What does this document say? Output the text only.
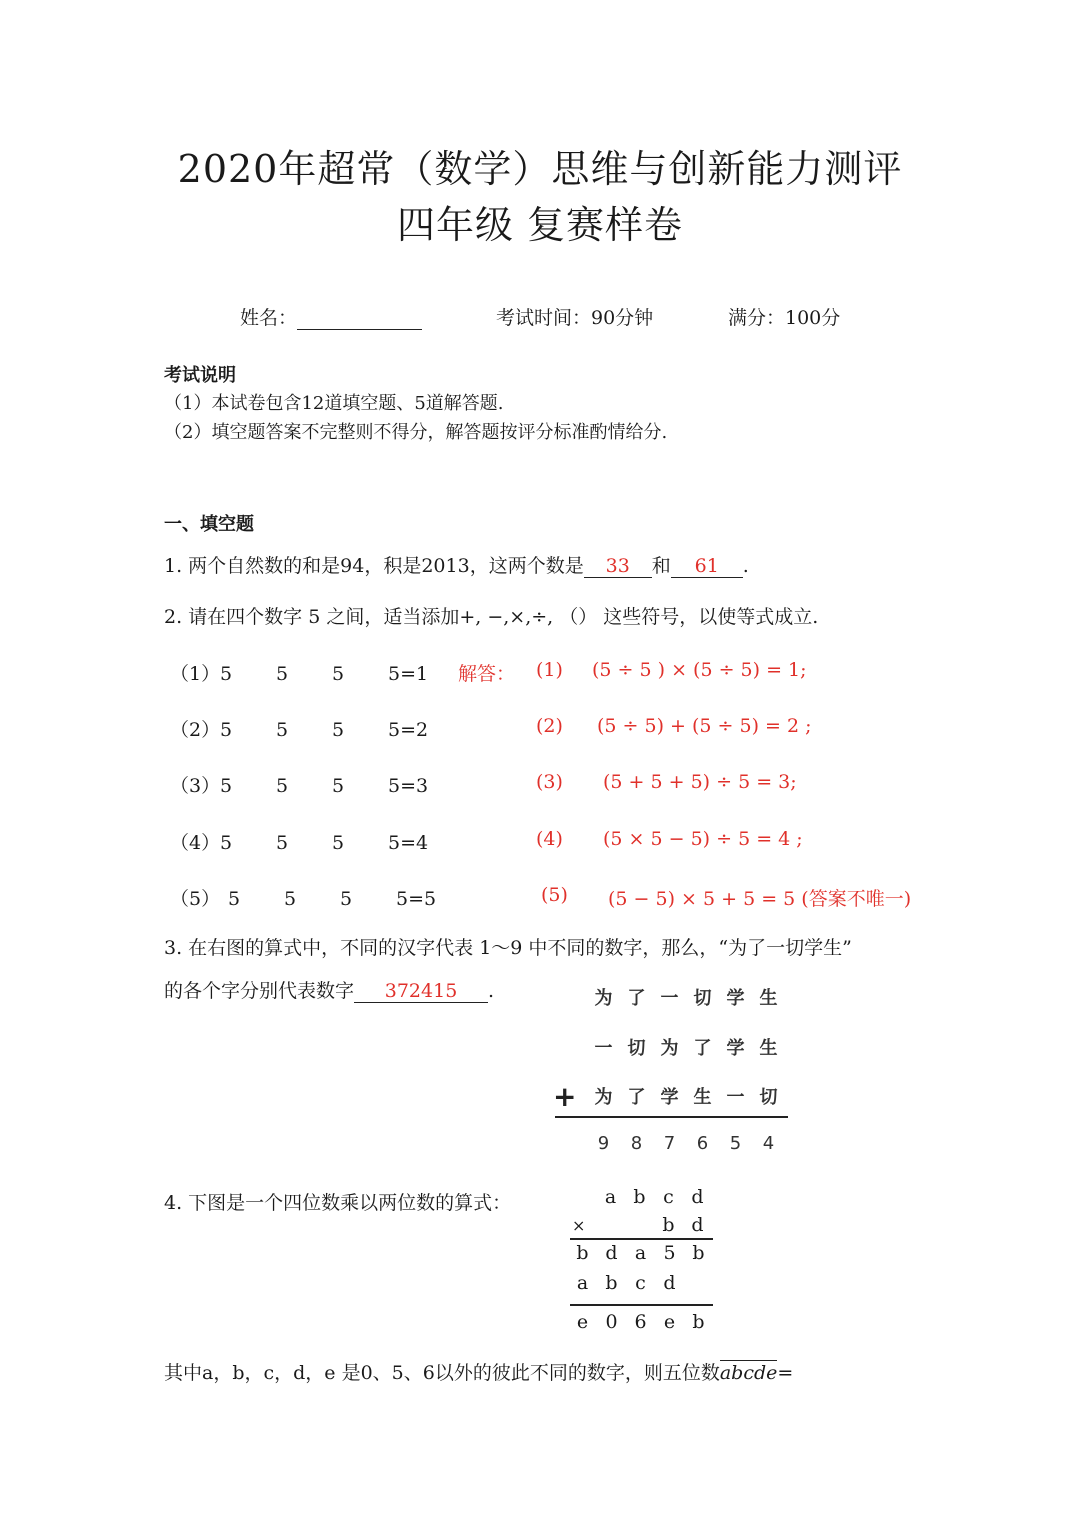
2020年超常（数学）思维与创新能力测评
四年级 复赛样卷
姓名：	考试时间：90分钟	满分：100分
考试说明
（1）本试卷包含12道填空题、5道解答题.
（2）填空题答案不完整则不得分，解答题按评分标准酌情给分.
一、填空题
1. 两个自然数的和是94，积是2013，这两个数是 33 和 61 .
2. 请在四个数字 5 之间，适当添加+, −,×,÷, （） 这些符号，以使等式成立.
（1）5 5 5 5=1 解答： (1) (5 ÷ 5 ) × (5 ÷ 5) = 1;
（2）5 5 5 5=2	(2) (5 ÷ 5) + (5 ÷ 5) = 2 ;
（3）5 5 5 5=3	(3) (5 + 5 + 5) ÷ 5 = 3;
（4）5 5 5 5=4	(4) (5 × 5 − 5) ÷ 5 = 4 ;
（5） 5 5 5 5=5	(5) (5 − 5) × 5 + 5 = 5 (答案不唯一)
3. 在右图的算式中，不同的汉字代表 1～9 中不同的数字，那么，“为了一切学生”
的各个字分别代表数字 372415 .	为 了 一 切 学 生
一 切 为 了 学 生
+	为 了 学 生 一 切
9 8 7 6 5 4
4. 下图是一个四位数乘以两位数的算式：	a b c d
×	b d
b d a 5 b
a b c d
e 0 6 e b
其中a，b，c，d，e 是0、5、6以外的彼此不同的数字，则五位数abcde=
